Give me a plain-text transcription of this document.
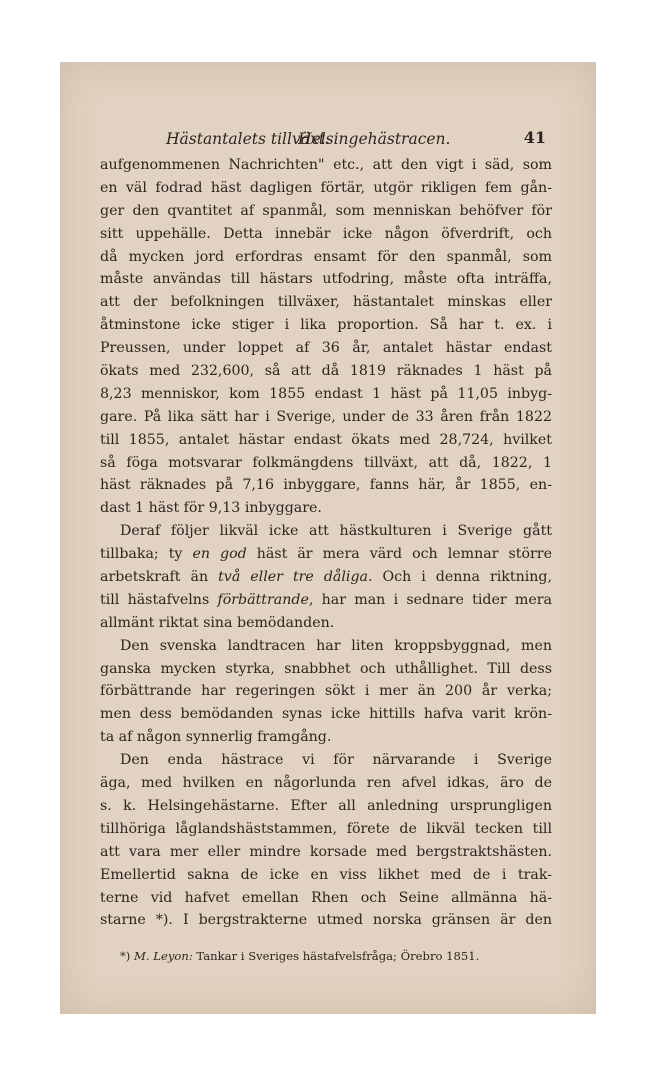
Hästantalets tillväxt.
Helsingehästracen.	41
aufgenommenen Nachrichten" etc., att den vigt i säd, som
en väl fodrad häst dagligen förtär, utgör rikligen fem gån-
ger den qvantitet af spanmål, som menniskan behöfver för
sitt uppehälle. Detta innebär icke någon öfverdrift, och
då mycken jord erfordras ensamt för den spanmål, som
måste användas till hästars utfodring, måste ofta inträffa,
att der befolkningen tillväxer, hästantalet minskas eller
åtminstone icke stiger i lika proportion. Så har t. ex. i
Preussen, under loppet af 36 år, antalet hästar endast
ökats med 232,600, så att då 1819 räknades 1 häst på
8,23 menniskor, kom 1855 endast 1 häst på 11,05 inbyg-
gare. På lika sätt har i Sverige, under de 33 åren från 1822
till 1855, antalet hästar endast ökats med 28,724, hvilket
så föga motsvarar folkmängdens tillväxt, att då, 1822, 1
häst räknades på 7,16 inbyggare, fanns här, år 1855, en-
dast 1 häst för 9,13 inbyggare.
Deraf följer likväl icke att hästkulturen i Sverige gått
tillbaka; ty en god häst är mera värd och lemnar större
arbetskraft än två eller tre dåliga. Och i denna riktning,
till hästafvelns förbättrande, har man i sednare tider mera
allmänt riktat sina bemödanden.
Den svenska landtracen har liten kroppsbyggnad, men
ganska mycken styrka, snabbhet och uthållighet. Till dess
förbättrande har regeringen sökt i mer än 200 år verka;
men dess bemödanden synas icke hittills hafva varit krön-
ta af någon synnerlig framgång.
Den enda hästrace vi för närvarande i Sverige
äga, med hvilken en någorlunda ren afvel idkas, äro de
s. k. Helsingehästarne. Efter all anledning ursprungligen
tillhöriga låglandshäststammen, förete de likväl tecken till
att vara mer eller mindre korsade med bergstraktshästen.
Emellertid sakna de icke en viss likhet med de i trak-
terne vid hafvet emellan Rhen och Seine allmänna hä-
starne *). I bergstrakterne utmed norska gränsen är den
*) M. Leyon: Tankar i Sveriges hästafvelsfråga; Örebro 1851.
